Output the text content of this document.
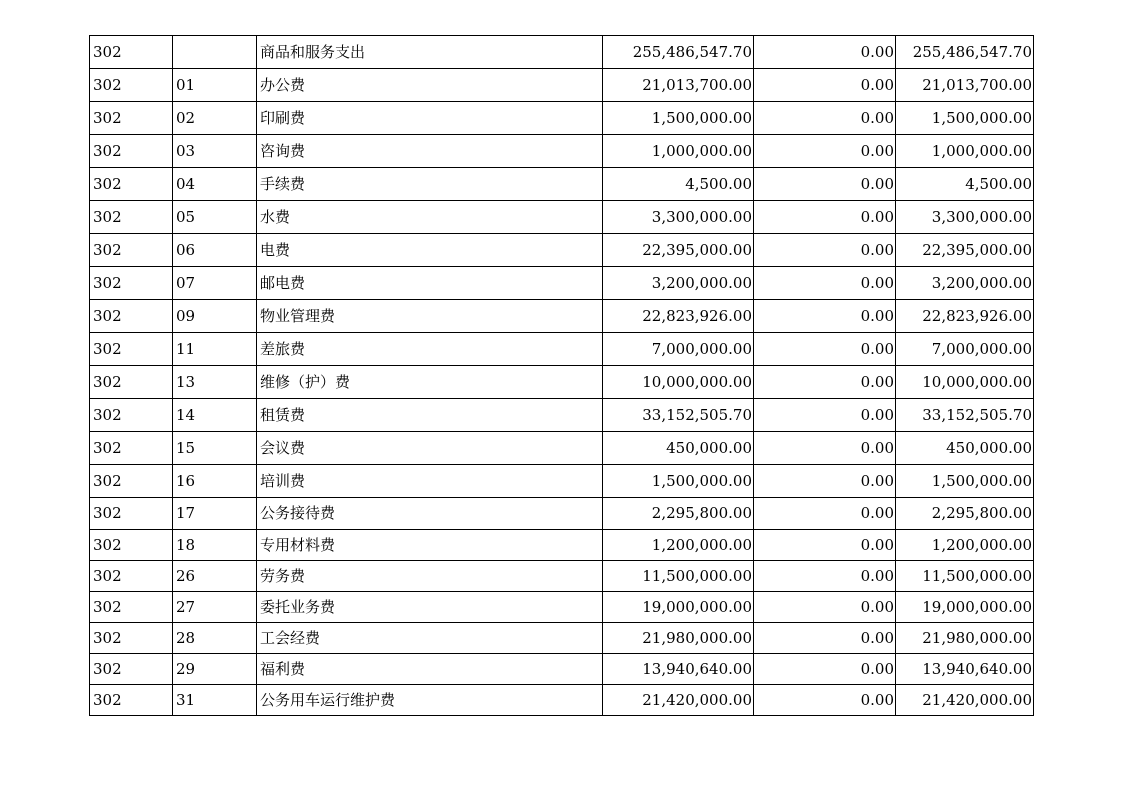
302		商品和服务支出	255,486,547.70	0.00	255,486,547.70
302	01	办公费	21,013,700.00	0.00	21,013,700.00
302	02	印刷费	1,500,000.00	0.00	1,500,000.00
302	03	咨询费	1,000,000.00	0.00	1,000,000.00
302	04	手续费	4,500.00	0.00	4,500.00
302	05	水费	3,300,000.00	0.00	3,300,000.00
302	06	电费	22,395,000.00	0.00	22,395,000.00
302	07	邮电费	3,200,000.00	0.00	3,200,000.00
302	09	物业管理费	22,823,926.00	0.00	22,823,926.00
302	11	差旅费	7,000,000.00	0.00	7,000,000.00
302	13	维修（护）费	10,000,000.00	0.00	10,000,000.00
302	14	租赁费	33,152,505.70	0.00	33,152,505.70
302	15	会议费	450,000.00	0.00	450,000.00
302	16	培训费	1,500,000.00	0.00	1,500,000.00
302	17	公务接待费	2,295,800.00	0.00	2,295,800.00
302	18	专用材料费	1,200,000.00	0.00	1,200,000.00
302	26	劳务费	11,500,000.00	0.00	11,500,000.00
302	27	委托业务费	19,000,000.00	0.00	19,000,000.00
302	28	工会经费	21,980,000.00	0.00	21,980,000.00
302	29	福利费	13,940,640.00	0.00	13,940,640.00
302	31	公务用车运行维护费	21,420,000.00	0.00	21,420,000.00
